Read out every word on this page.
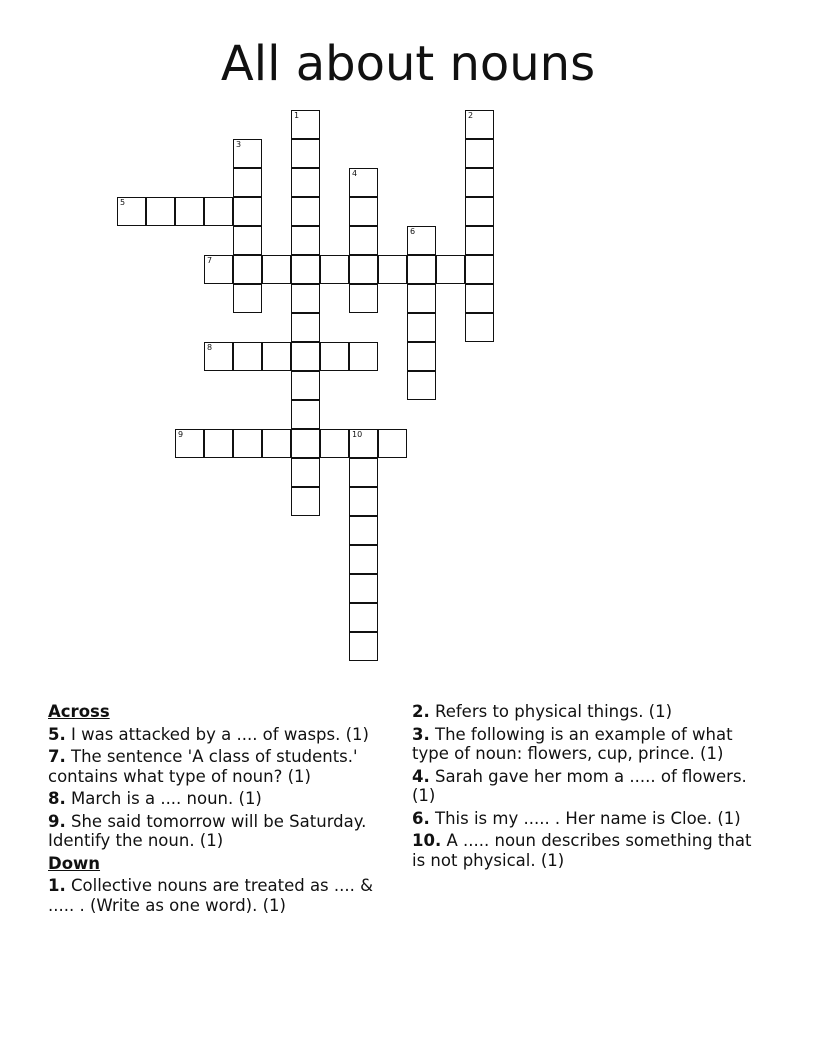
All about nouns
1	2
3
4
5
6
7
8
9	10
Across
5. I was attacked by a .... of wasps. (1)
7. The sentence 'A class of students.' contains what type of noun? (1)
8. March is a .... noun. (1)
9. She said tomorrow will be Saturday. Identify the noun. (1)
Down
1. Collective nouns are treated as .... & ..... . (Write as one word). (1)
2. Refers to physical things. (1)
3. The following is an example of what type of noun: flowers, cup, prince. (1)
4. Sarah gave her mom a ..... of flowers. (1)
6. This is my ..... . Her name is Cloe. (1)
10. A ..... noun describes something that is not physical. (1)
